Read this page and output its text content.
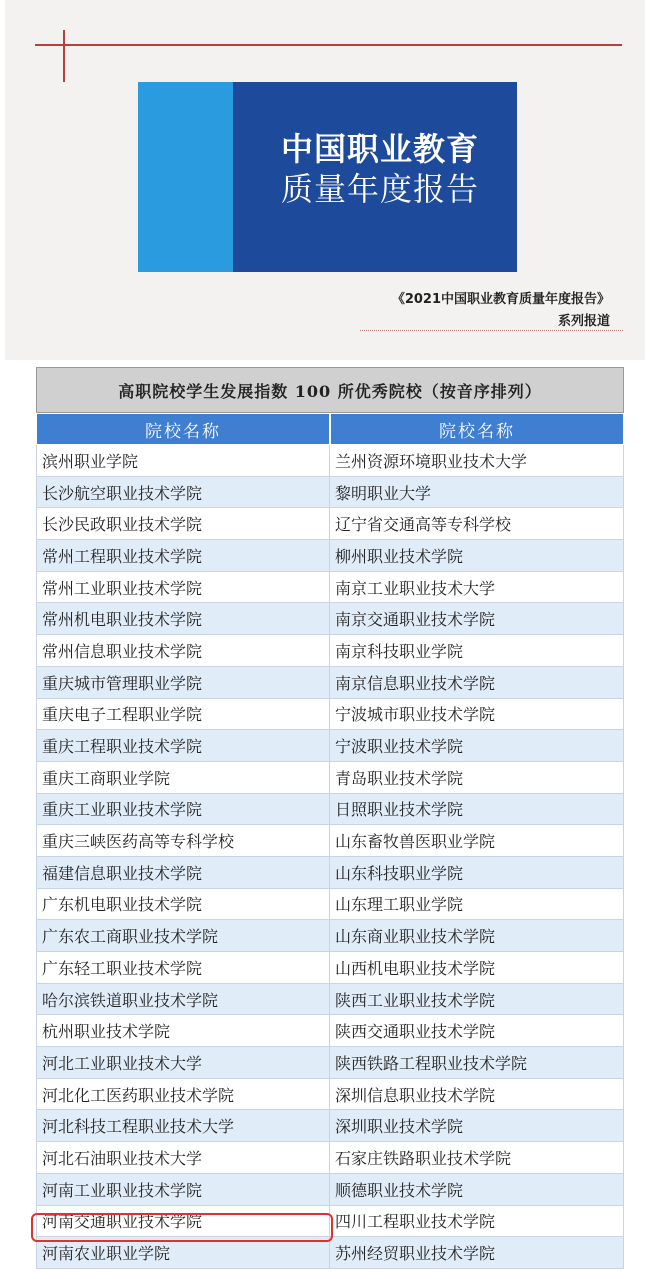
中国职业教育
质量年度报告
《2021中国职业教育质量年度报告》
系列报道
高职院校学生发展指数 100 所优秀院校（按音序排列）
院校名称	院校名称
滨州职业学院	兰州资源环境职业技术大学
长沙航空职业技术学院	黎明职业大学
长沙民政职业技术学院	辽宁省交通高等专科学校
常州工程职业技术学院	柳州职业技术学院
常州工业职业技术学院	南京工业职业技术大学
常州机电职业技术学院	南京交通职业技术学院
常州信息职业技术学院	南京科技职业学院
重庆城市管理职业学院	南京信息职业技术学院
重庆电子工程职业学院	宁波城市职业技术学院
重庆工程职业技术学院	宁波职业技术学院
重庆工商职业学院	青岛职业技术学院
重庆工业职业技术学院	日照职业技术学院
重庆三峡医药高等专科学校	山东畜牧兽医职业学院
福建信息职业技术学院	山东科技职业学院
广东机电职业技术学院	山东理工职业学院
广东农工商职业技术学院	山东商业职业技术学院
广东轻工职业技术学院	山西机电职业技术学院
哈尔滨铁道职业技术学院	陕西工业职业技术学院
杭州职业技术学院	陕西交通职业技术学院
河北工业职业技术大学	陕西铁路工程职业技术学院
河北化工医药职业技术学院	深圳信息职业技术学院
河北科技工程职业技术大学	深圳职业技术学院
河北石油职业技术大学	石家庄铁路职业技术学院
河南工业职业技术学院	顺德职业技术学院
河南交通职业技术学院	四川工程职业技术学院
河南农业职业学院	苏州经贸职业技术学院
